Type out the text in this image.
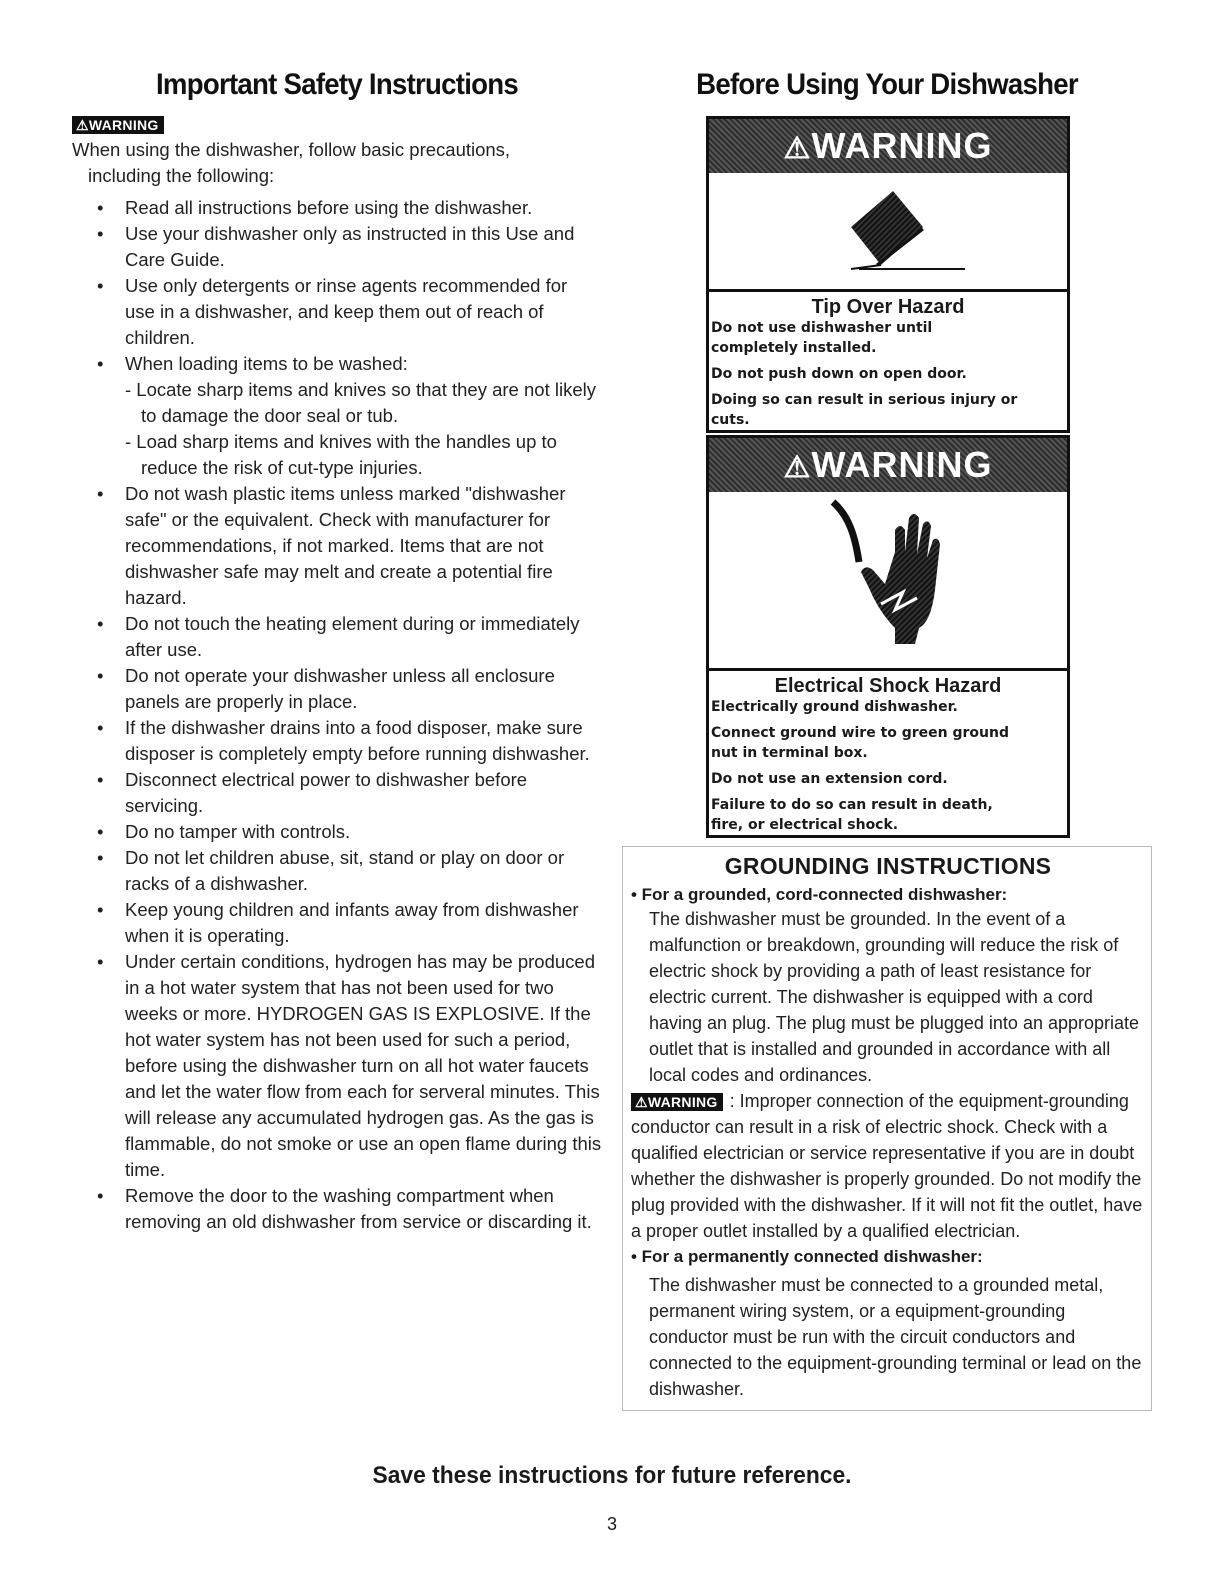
Important Safety Instructions
⚠WARNING
When using the dishwasher, follow basic precautions,
including the following:
• Read all instructions before using the dishwasher.
• Use your dishwasher only as instructed in this Use and Care Guide.
• Use only detergents or rinse agents recommended for use in a dishwasher, and keep them out of reach of children.
• When loading items to be washed:
- Locate sharp items and knives so that they are not likely to damage the door seal or tub.
- Load sharp items and knives with the handles up to reduce the risk of cut-type injuries.
• Do not wash plastic items unless marked "dishwasher safe" or the equivalent. Check with manufacturer for recommendations, if not marked. Items that are not dishwasher safe may melt and create a potential fire hazard.
• Do not touch the heating element during or immediately after use.
• Do not operate your dishwasher unless all enclosure panels are properly in place.
• If the dishwasher drains into a food disposer, make sure disposer is completely empty before running dishwasher.
• Disconnect electrical power to dishwasher before servicing.
• Do no tamper with controls.
• Do not let children abuse, sit, stand or play on door or racks of a dishwasher.
• Keep young children and infants away from dishwasher when it is operating.
• Under certain conditions, hydrogen has may be produced in a hot water system that has not been used for two weeks or more. HYDROGEN GAS IS EXPLOSIVE. If the hot water system has not been used for such a period, before using the dishwasher turn on all hot water faucets and let the water flow from each for serveral minutes. This will release any accumulated hydrogen gas. As the gas is flammable, do not smoke or use an open flame during this time.
• Remove the door to the washing compartment when removing an old dishwasher from service or discarding it.
Before Using Your Dishwasher
⚠WARNING
Tip Over Hazard
Do not use dishwasher until
completely installed.
Do not push down on open door.
Doing so can result in serious injury or
cuts.
⚠WARNING
Electrical Shock Hazard
Electrically ground dishwasher.
Connect ground wire to green ground
nut in terminal box.
Do not use an extension cord.
Failure to do so can result in death,
fire, or electrical shock.
GROUNDING INSTRUCTIONS

• For a grounded, cord-connected dishwasher:

The dishwasher must be grounded. In the event of a malfunction or breakdown, grounding will reduce the risk of electric shock by providing a path of least resistance for electric current. The dishwasher is equipped with a cord having an plug. The plug must be plugged into an appropriate outlet that is installed and grounded in accordance with all local codes and ordinances.
⚠WARNING : Improper connection of the equipment-grounding conductor can result in a risk of electric shock. Check with a qualified electrician or service representative if you are in doubt whether the dishwasher is properly grounded. Do not modify the plug provided with the dishwasher. If it will not fit the outlet, have a proper outlet installed by a qualified electrician.

• For a permanently connected dishwasher:

The dishwasher must be connected to a grounded metal, permanent wiring system, or a equipment-grounding conductor must be run with the circuit conductors and connected to the equipment-grounding terminal or lead on the dishwasher.
Save these instructions for future reference.
3
